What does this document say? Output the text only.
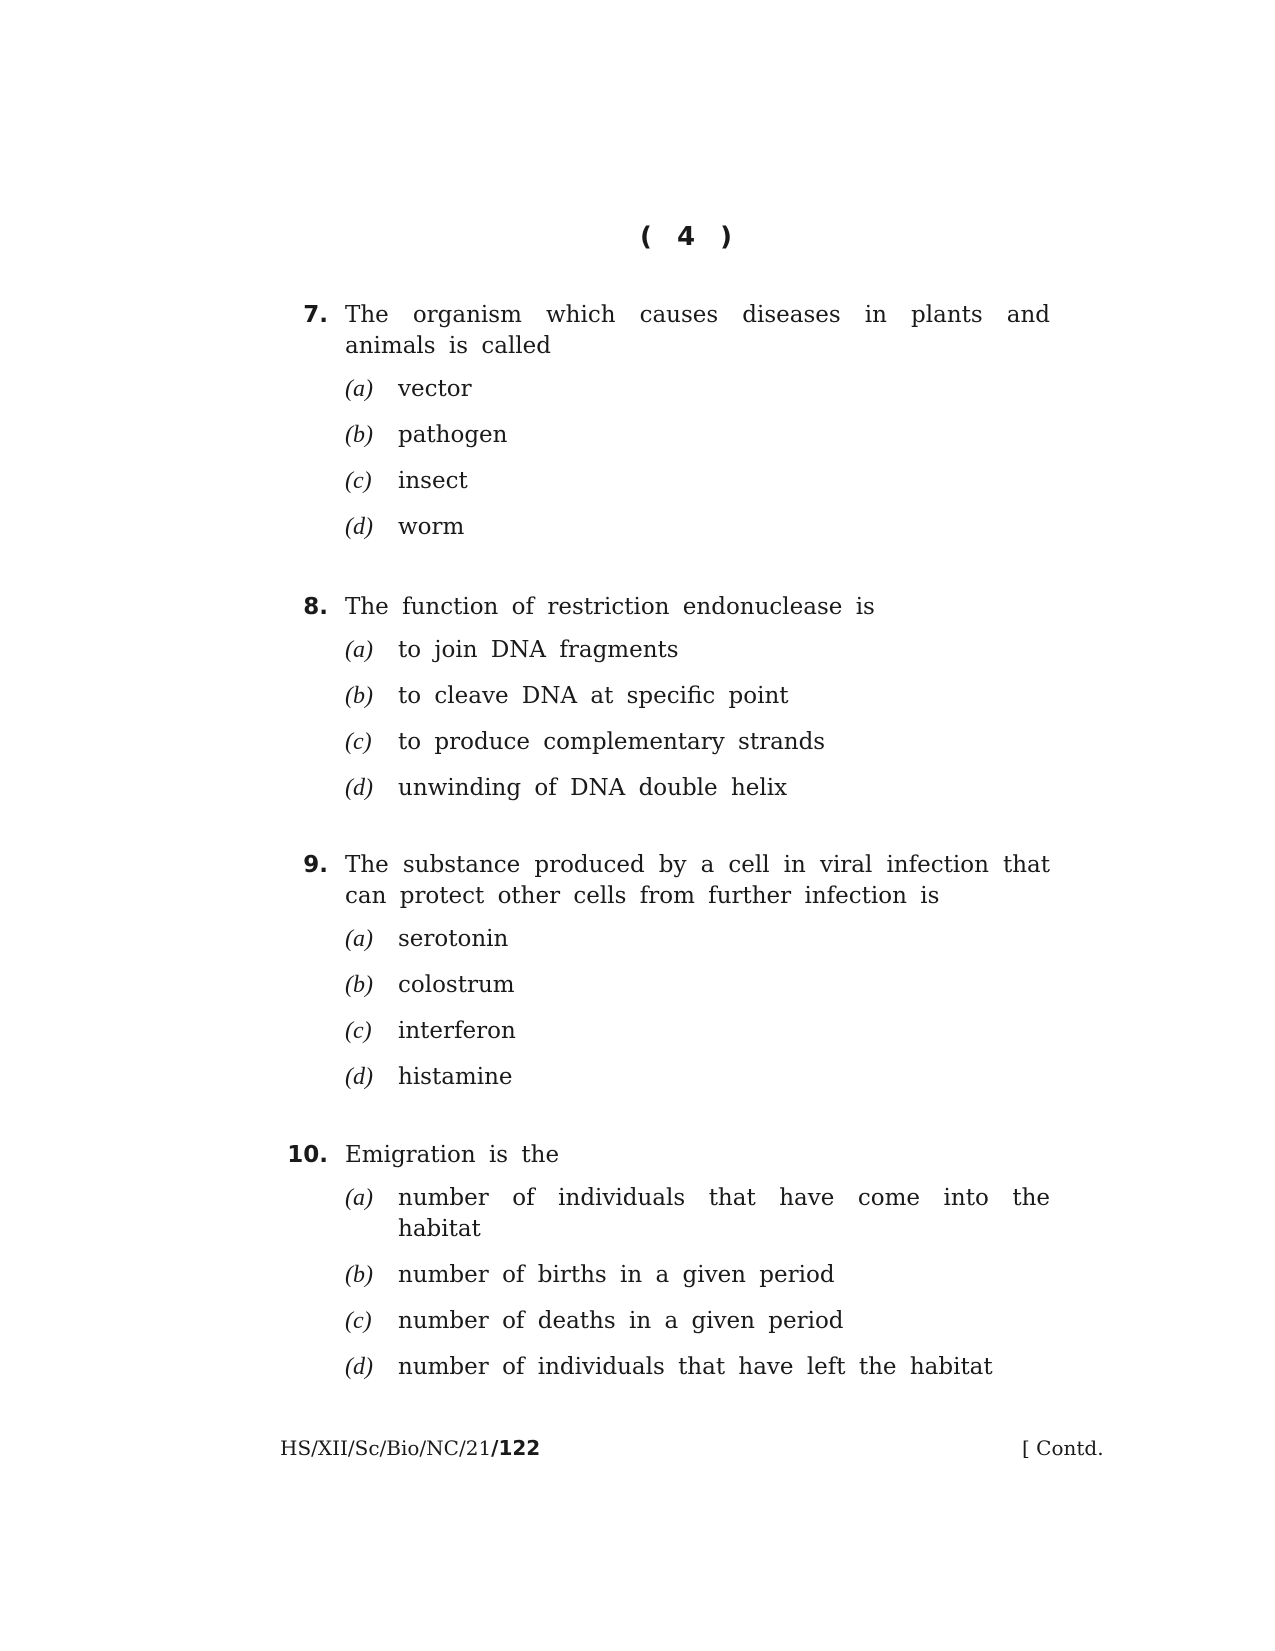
( 4 )
7. The organism which causes diseases in plants and animals is called
(a) vector
(b) pathogen
(c) insect
(d) worm
8. The function of restriction endonuclease is
(a) to join DNA fragments
(b) to cleave DNA at specific point
(c) to produce complementary strands
(d) unwinding of DNA double helix
9. The substance produced by a cell in viral infection that can protect other cells from further infection is
(a) serotonin
(b) colostrum
(c) interferon
(d) histamine
10. Emigration is the
(a) number of individuals that have come into the habitat
(b) number of births in a given period
(c) number of deaths in a given period
(d) number of individuals that have left the habitat
HS/XII/Sc/Bio/NC/21/122	[ Contd.
